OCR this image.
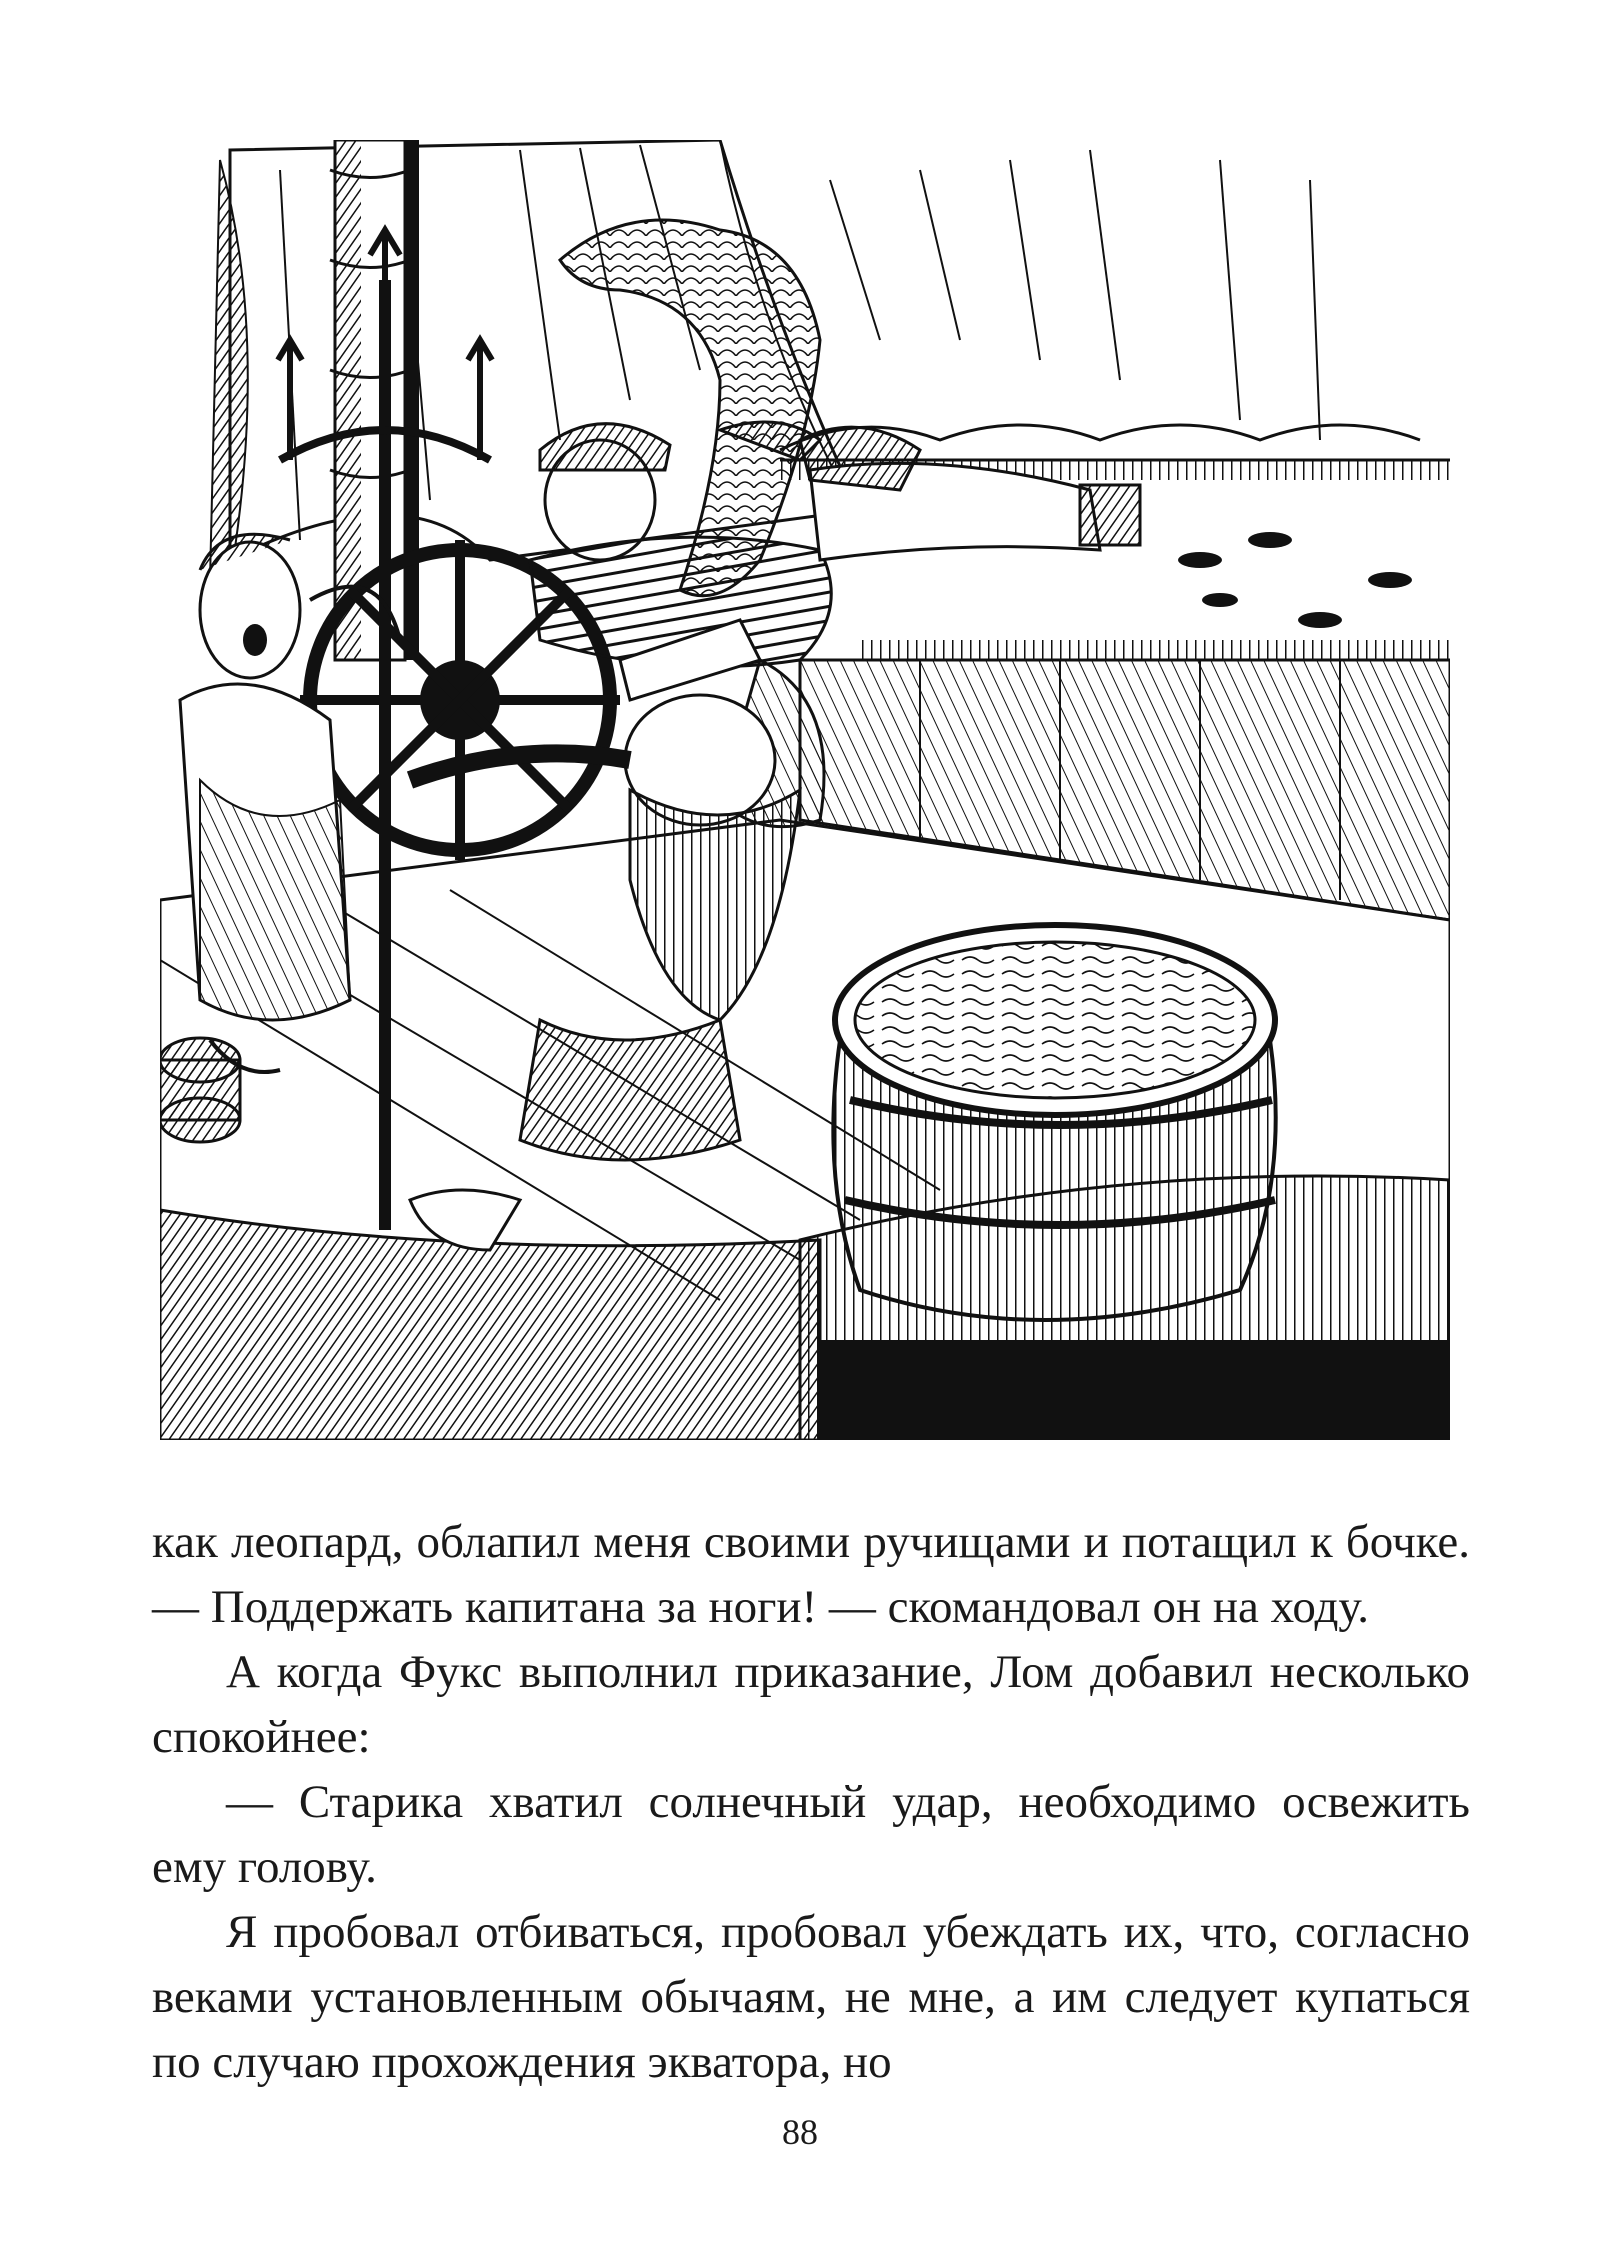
как леопард, облапил меня своими ручищами и потащил к бочке. — Поддержать капитана за ноги! — скомандовал он на ходу.

А когда Фукс выполнил приказание, Лом добавил несколько спокойнее:

— Старика хватил солнечный удар, необходимо освежить ему голову.

Я пробовал отбиваться, пробовал убеждать их, что, согласно веками установленным обычаям, не мне, а им следует купаться по случаю прохождения экватора, но

88
